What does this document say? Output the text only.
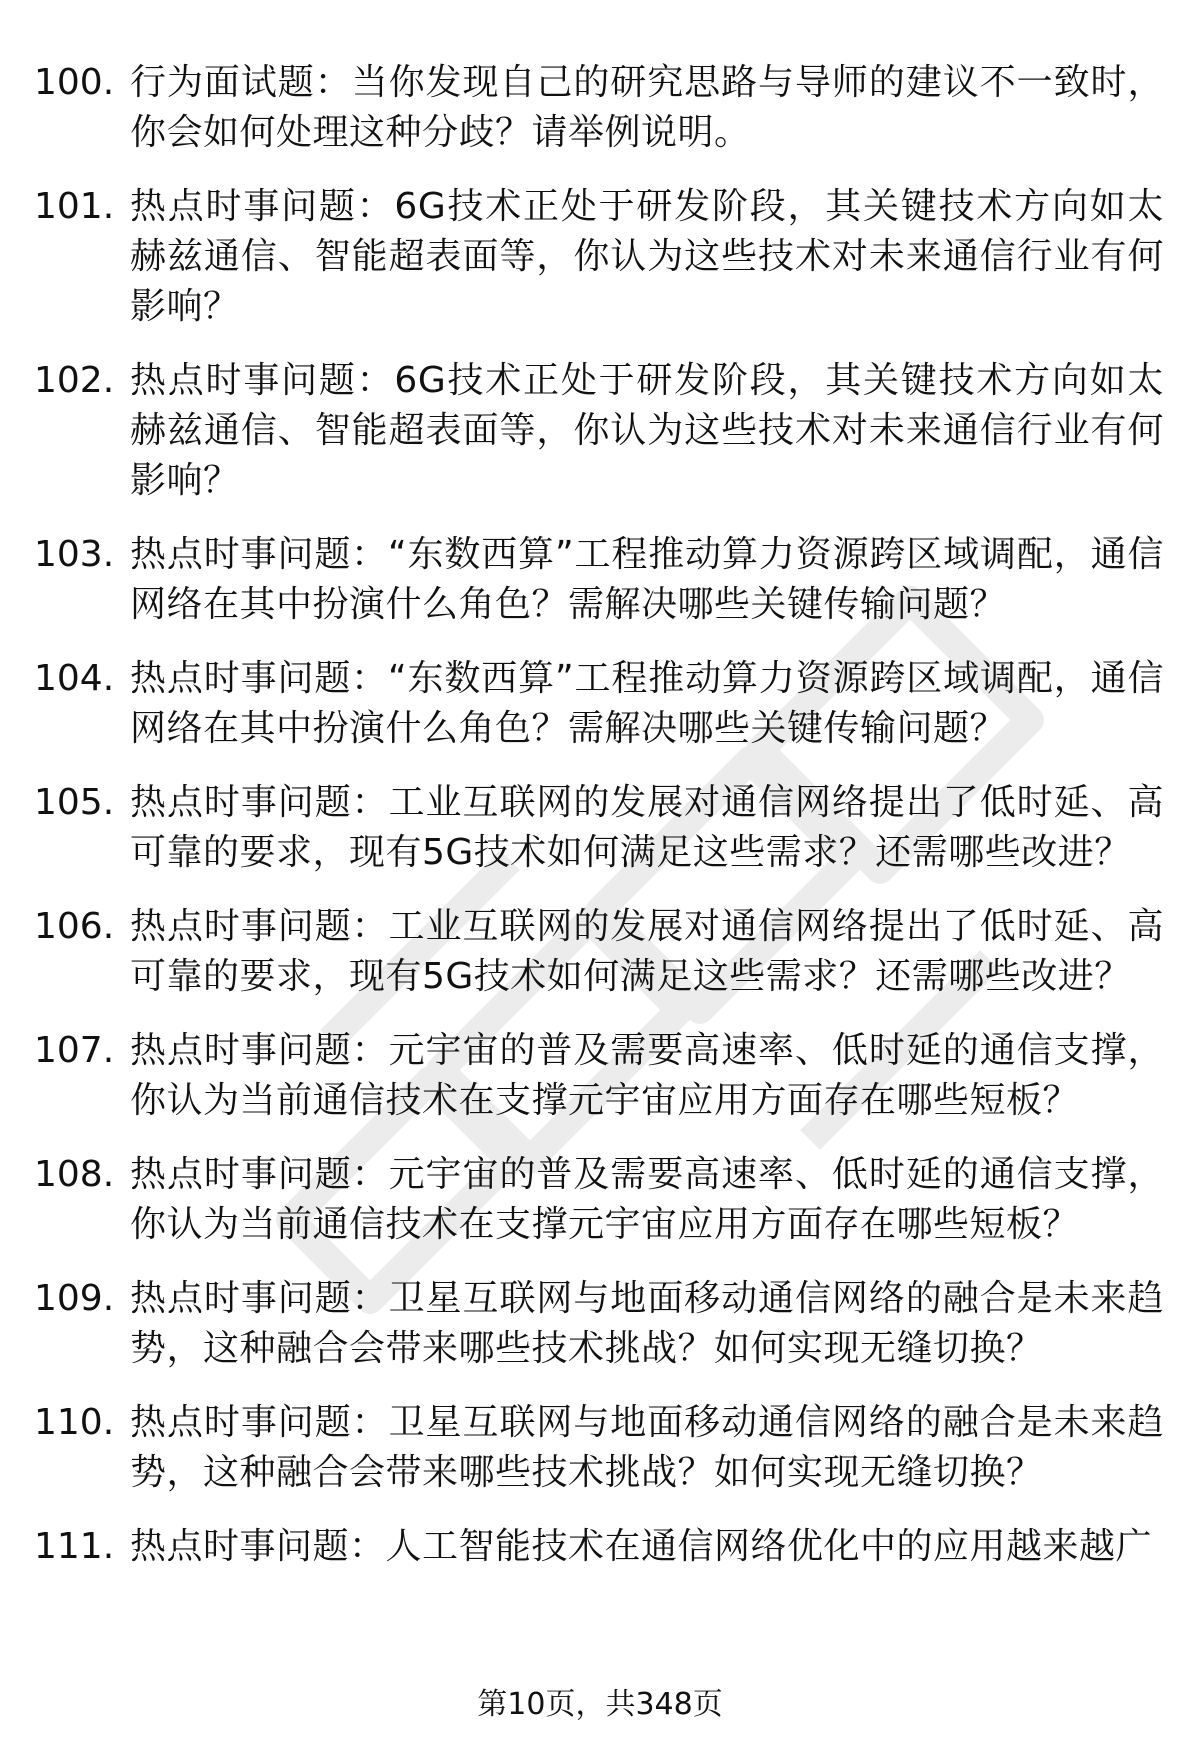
100. 行为面试题：当你发现自己的研究思路与导师的建议不一致时，你会如何处理这种分歧？请举例说明。
101. 热点时事问题：6G技术正处于研发阶段，其关键技术方向如太赫兹通信、智能超表面等，你认为这些技术对未来通信行业有何影响？
102. 热点时事问题：6G技术正处于研发阶段，其关键技术方向如太赫兹通信、智能超表面等，你认为这些技术对未来通信行业有何影响？
103. 热点时事问题：“东数西算”工程推动算力资源跨区域调配，通信网络在其中扮演什么角色？需解决哪些关键传输问题？
104. 热点时事问题：“东数西算”工程推动算力资源跨区域调配，通信网络在其中扮演什么角色？需解决哪些关键传输问题？
105. 热点时事问题：工业互联网的发展对通信网络提出了低时延、高可靠的要求，现有5G技术如何满足这些需求？还需哪些改进？
106. 热点时事问题：工业互联网的发展对通信网络提出了低时延、高可靠的要求，现有5G技术如何满足这些需求？还需哪些改进？
107. 热点时事问题：元宇宙的普及需要高速率、低时延的通信支撑，你认为当前通信技术在支撑元宇宙应用方面存在哪些短板？
108. 热点时事问题：元宇宙的普及需要高速率、低时延的通信支撑，你认为当前通信技术在支撑元宇宙应用方面存在哪些短板？
109. 热点时事问题：卫星互联网与地面移动通信网络的融合是未来趋势，这种融合会带来哪些技术挑战？如何实现无缝切换？
110. 热点时事问题：卫星互联网与地面移动通信网络的融合是未来趋势，这种融合会带来哪些技术挑战？如何实现无缝切换？
111. 热点时事问题：人工智能技术在通信网络优化中的应用越来越广
第10页，共348页
